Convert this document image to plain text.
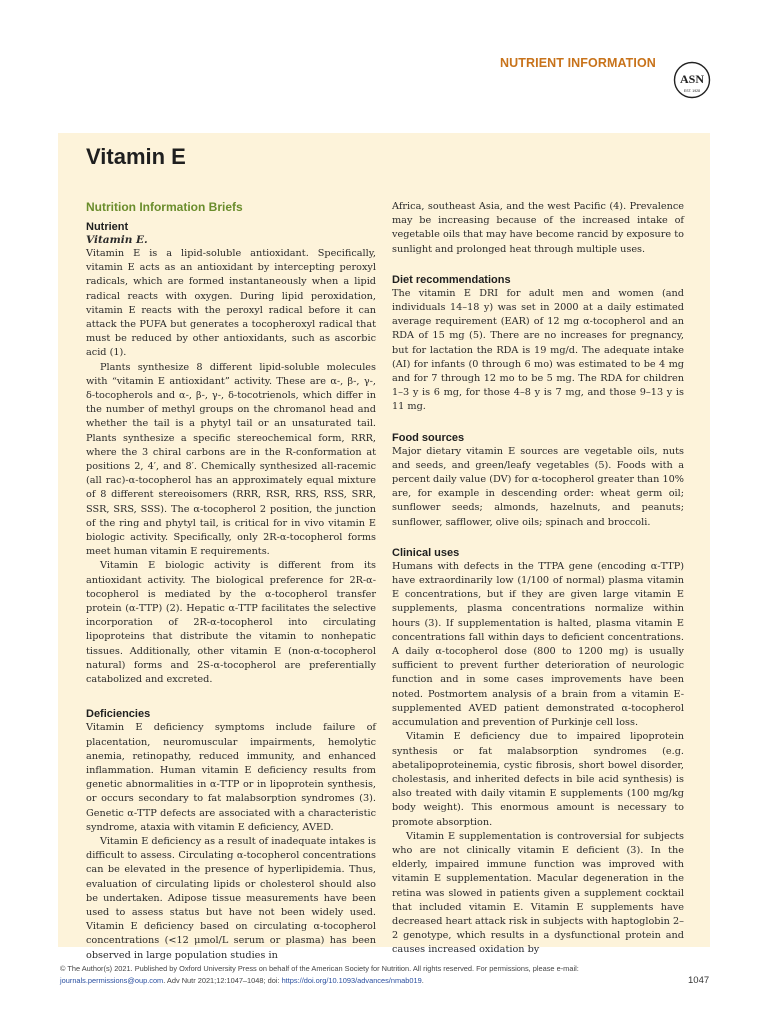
NUTRIENT INFORMATION
ASN
EST. 1928
Vitamin E
Nutrition Information Briefs
Nutrient
Vitamin E.

Vitamin E is a lipid-soluble antioxidant. Specifically, vitamin E acts as an antioxidant by intercepting peroxyl radicals, which are formed instantaneously when a lipid radical reacts with oxygen. During lipid peroxidation, vitamin E reacts with the peroxyl radical before it can attack the PUFA but generates a tocopheroxyl radical that must be reduced by other antioxidants, such as ascorbic acid (1).

Plants synthesize 8 different lipid-soluble molecules with “vitamin E antioxidant” activity. These are α-, β-, γ-, δ-tocopherols and α-, β-, γ-, δ-tocotrienols, which differ in the number of methyl groups on the chromanol head and whether the tail is a phytyl tail or an unsaturated tail. Plants synthesize a specific stereochemical form, RRR, where the 3 chiral carbons are in the R-conformation at positions 2, 4′, and 8′. Chemically synthesized all-racemic (all rac)-α-tocopherol has an approximately equal mixture of 8 different stereoisomers (RRR, RSR, RRS, RSS, SRR, SSR, SRS, SSS). The α-tocopherol 2 position, the junction of the ring and phytyl tail, is critical for in vivo vitamin E biologic activity. Specifically, only 2R-α-tocopherol forms meet human vitamin E requirements.

Vitamin E biologic activity is different from its antioxidant activity. The biological preference for 2R-α-tocopherol is mediated by the α-tocopherol transfer protein (α-TTP) (2). Hepatic α-TTP facilitates the selective incorporation of 2R-α-tocopherol into circulating lipoproteins that distribute the vitamin to nonhepatic tissues. Additionally, other vitamin E (non-α-tocopherol natural) forms and 2S-α-tocopherol are preferentially catabolized and excreted.

Deficiencies

Vitamin E deficiency symptoms include failure of placentation, neuromuscular impairments, hemolytic anemia, retinopathy, reduced immunity, and enhanced inflammation. Human vitamin E deficiency results from genetic abnormalities in α-TTP or in lipoprotein synthesis, or occurs secondary to fat malabsorption syndromes (3). Genetic α-TTP defects are associated with a characteristic syndrome, ataxia with vitamin E deficiency, AVED.

Vitamin E deficiency as a result of inadequate intakes is difficult to assess. Circulating α-tocopherol concentrations can be elevated in the presence of hyperlipidemia. Thus, evaluation of circulating lipids or cholesterol should also be undertaken. Adipose tissue measurements have been used to assess status but have not been widely used. Vitamin E deficiency based on circulating α-tocopherol concentrations (<12 μmol/L serum or plasma) has been observed in large population studies in

Africa, southeast Asia, and the west Pacific (4). Prevalence may be increasing because of the increased intake of vegetable oils that may have become rancid by exposure to sunlight and prolonged heat through multiple uses.

Diet recommendations

The vitamin E DRI for adult men and women (and individuals 14–18 y) was set in 2000 at a daily estimated average requirement (EAR) of 12 mg α-tocopherol and an RDA of 15 mg (5). There are no increases for pregnancy, but for lactation the RDA is 19 mg/d. The adequate intake (AI) for infants (0 through 6 mo) was estimated to be 4 mg and for 7 through 12 mo to be 5 mg. The RDA for children 1–3 y is 6 mg, for those 4–8 y is 7 mg, and those 9–13 y is 11 mg.

Food sources

Major dietary vitamin E sources are vegetable oils, nuts and seeds, and green/leafy vegetables (5). Foods with a percent daily value (DV) for α-tocopherol greater than 10% are, for example in descending order: wheat germ oil; sunflower seeds; almonds, hazelnuts, and peanuts; sunflower, safflower, olive oils; spinach and broccoli.

Clinical uses

Humans with defects in the TTPA gene (encoding α-TTP) have extraordinarily low (1/100 of normal) plasma vitamin E concentrations, but if they are given large vitamin E supplements, plasma concentrations normalize within hours (3). If supplementation is halted, plasma vitamin E concentrations fall within days to deficient concentrations. A daily α-tocopherol dose (800 to 1200 mg) is usually sufficient to prevent further deterioration of neurologic function and in some cases improvements have been noted. Postmortem analysis of a brain from a vitamin E-supplemented AVED patient demonstrated α-tocopherol accumulation and prevention of Purkinje cell loss.

Vitamin E deficiency due to impaired lipoprotein synthesis or fat malabsorption syndromes (e.g. abetalipoproteinemia, cystic fibrosis, short bowel disorder, cholestasis, and inherited defects in bile acid synthesis) is also treated with daily vitamin E supplements (100 mg/kg body weight). This enormous amount is necessary to promote absorption.

Vitamin E supplementation is controversial for subjects who are not clinically vitamin E deficient (3). In the elderly, impaired immune function was improved with vitamin E supplementation. Macular degeneration in the retina was slowed in patients given a supplement cocktail that included vitamin E. Vitamin E supplements have decreased heart attack risk in subjects with haptoglobin 2–2 genotype, which results in a dysfunctional protein and causes increased oxidation by

© The Author(s) 2021. Published by Oxford University Press on behalf of the American Society for Nutrition. All rights reserved. For permissions, please e-mail:
journals.permissions@oup.com. Adv Nutr 2021;12:1047–1048; doi: https://doi.org/10.1093/advances/nmab019.	1047
